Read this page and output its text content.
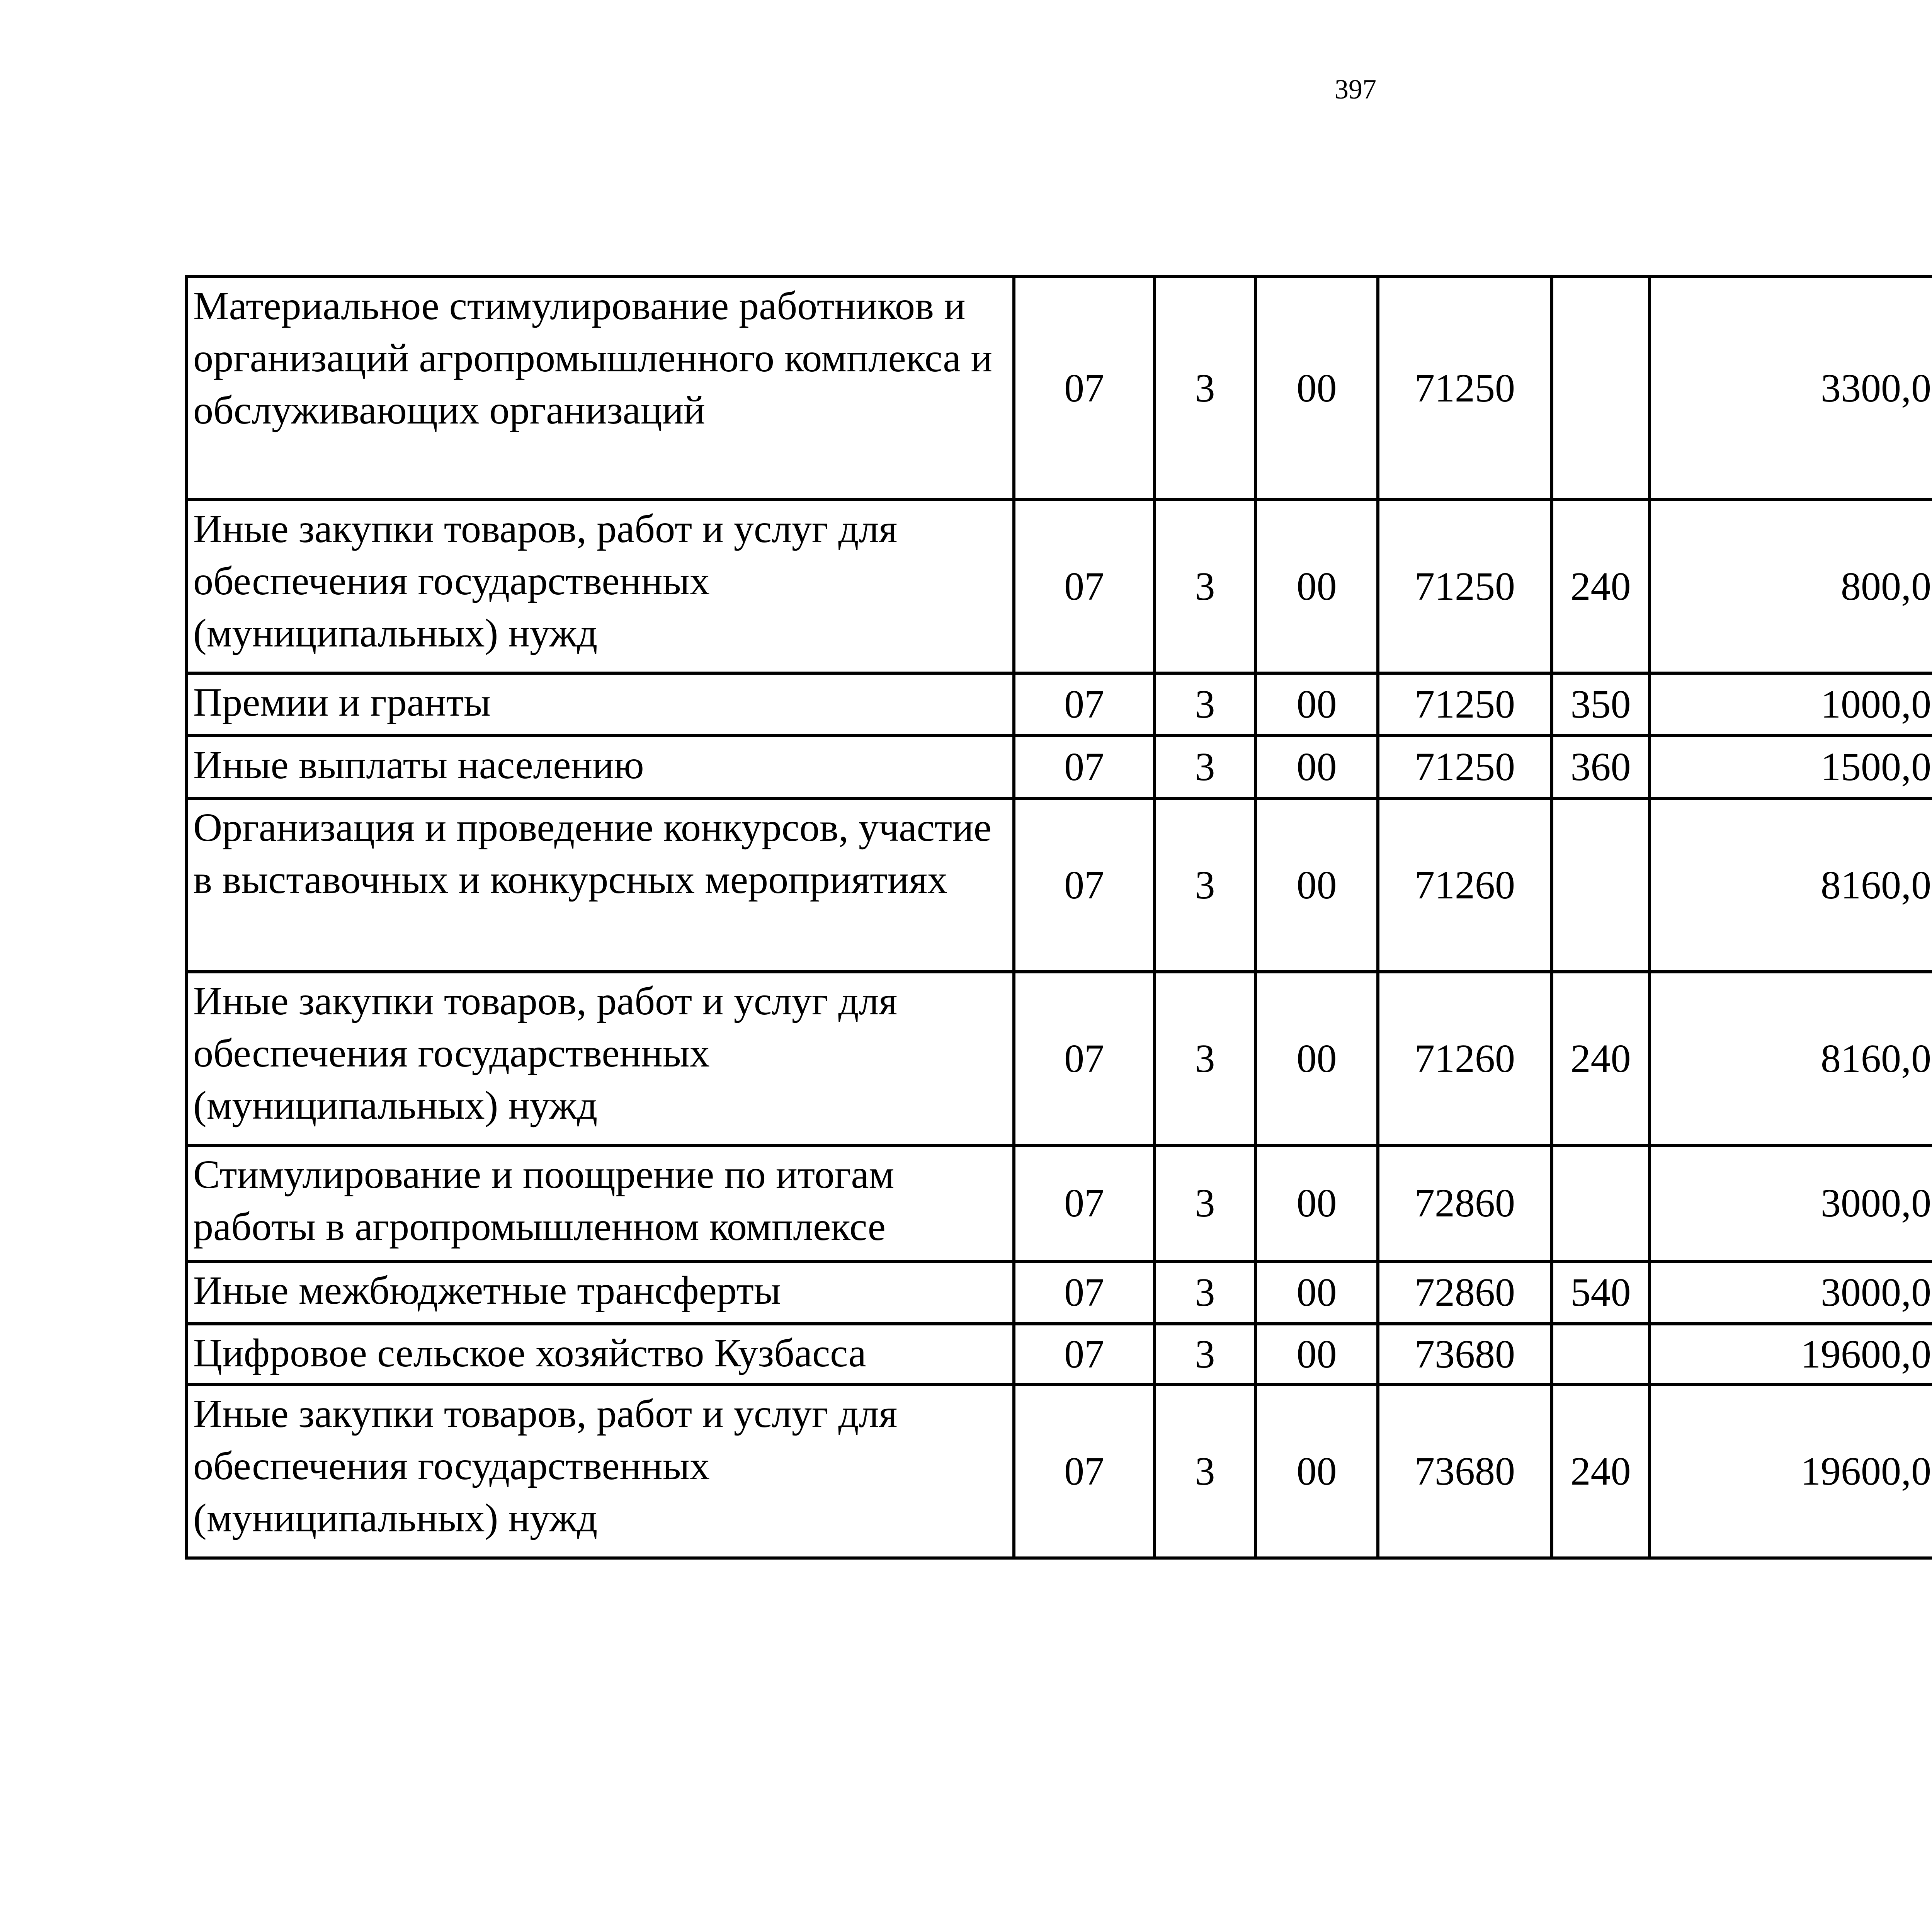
397
Материальное стимулирование работников и организаций агропромышленного комплекса и обслуживающих организаций	07	3	00	71250		3300,0		
Иные закупки товаров, работ и услуг для обеспечения государственных (муниципальных) нужд	07	3	00	71250	240	800,0		
Премии и гранты	07	3	00	71250	350	1000,0		
Иные выплаты населению	07	3	00	71250	360	1500,0		
Организация и проведение конкурсов, участие в выставочных и конкурсных мероприятиях	07	3	00	71260		8160,0		
Иные закупки товаров, работ и услуг для обеспечения государственных (муниципальных) нужд	07	3	00	71260	240	8160,0		
Стимулирование и поощрение по итогам работы в агропромышленном комплексе	07	3	00	72860		3000,0		
Иные межбюджетные трансферты	07	3	00	72860	540	3000,0		
Цифровое сельское хозяйство Кузбасса	07	3	00	73680		19600,0		
Иные закупки товаров, работ и услуг для обеспечения государственных (муниципальных) нужд	07	3	00	73680	240	19600,0		
